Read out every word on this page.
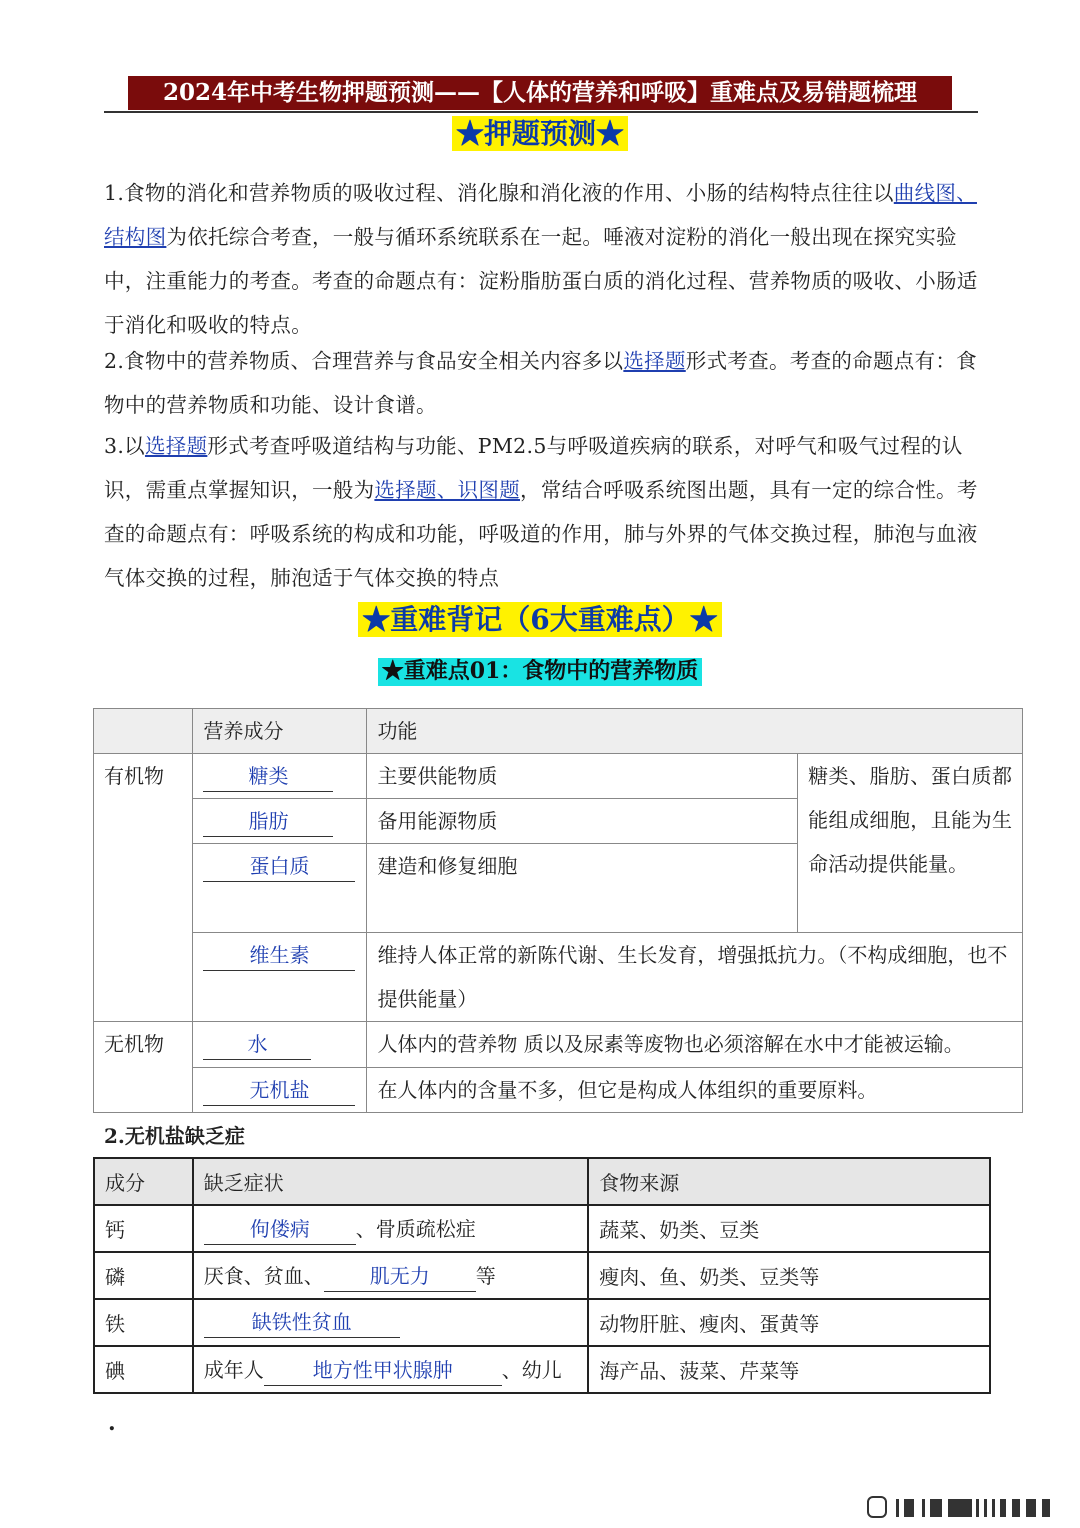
2024年中考生物押题预测——【人体的营养和呼吸】重难点及易错题梳理
★押题预测★
1.食物的消化和营养物质的吸收过程、消化腺和消化液的作用、小肠的结构特点往往以曲线图、结构图为依托综合考查，一般与循环系统联系在一起。唾液对淀粉的消化一般出现在探究实验中，注重能力的考查。考查的命题点有：淀粉脂肪蛋白质的消化过程、营养物质的吸收、小肠适于消化和吸收的特点。
2.食物中的营养物质、合理营养与食品安全相关内容多以选择题形式考查。考查的命题点有：食物中的营养物质和功能、设计食谱。
3.以选择题形式考查呼吸道结构与功能、PM2.5与呼吸道疾病的联系，对呼气和吸气过程的认识，需重点掌握知识，一般为选择题、识图题，常结合呼吸系统图出题，具有一定的综合性。考查的命题点有：呼吸系统的构成和功能，呼吸道的作用，肺与外界的气体交换过程，肺泡与血液气体交换的过程，肺泡适于气体交换的特点
★重难背记（6大重难点）★
★重难点01：食物中的营养物质
	营养成分	功能	
有机物	糖类	主要供能物质	糖类、脂肪、蛋白质都能组成细胞，且能为生命活动提供能量。
	脂肪	备用能源物质	
	蛋白质	建造和修复细胞	
	维生素	维持人体正常的新陈代谢、生长发育，增强抵抗力。（不构成细胞，也不提供能量）	
无机物	水	人体内的营养物 质以及尿素等废物也必须溶解在水中才能被运输。	
	无机盐	在人体内的含量不多，但它是构成人体组织的重要原料。	
2.无机盐缺乏症
成分	缺乏症状	食物来源
钙	佝偻病 、骨质疏松症	蔬菜、奶类、豆类
磷	厌食、贫血、 肌无力 等	瘦肉、鱼、奶类、豆类等
铁	缺铁性贫血	动物肝脏、瘦肉、蛋黄等
碘	成年人 地方性甲状腺肿 、幼儿	海产品、菠菜、芹菜等
.
